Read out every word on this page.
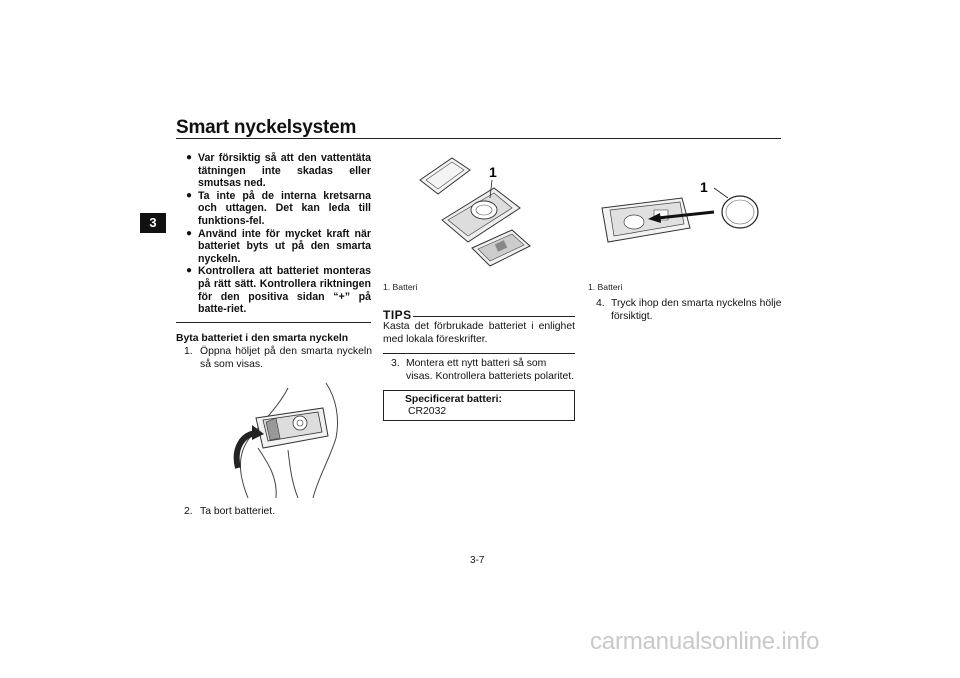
Smart nyckelsystem
3
● Var försiktig så att den vattentäta tätningen inte skadas eller smutsas ned.
● Ta inte på de interna kretsarna och uttagen. Det kan leda till funktions-fel.
● Använd inte för mycket kraft när batteriet byts ut på den smarta nyckeln.
● Kontrollera att batteriet monteras på rätt sätt. Kontrollera riktningen för den positiva sidan “+” på batte-riet.
Byta batteriet i den smarta nyckeln
1. Öppna höljet på den smarta nyckeln så som visas.
2. Ta bort batteriet.
1
1. Batteri
TIPS
Kasta det förbrukade batteriet i enlighet med lokala föreskrifter.
3. Montera ett nytt batteri så som visas. Kontrollera batteriets polaritet.
Specificerat batteri:
CR2032
1
1. Batteri
4. Tryck ihop den smarta nyckelns hölje försiktigt.
3-7
carmanualsonline.info
